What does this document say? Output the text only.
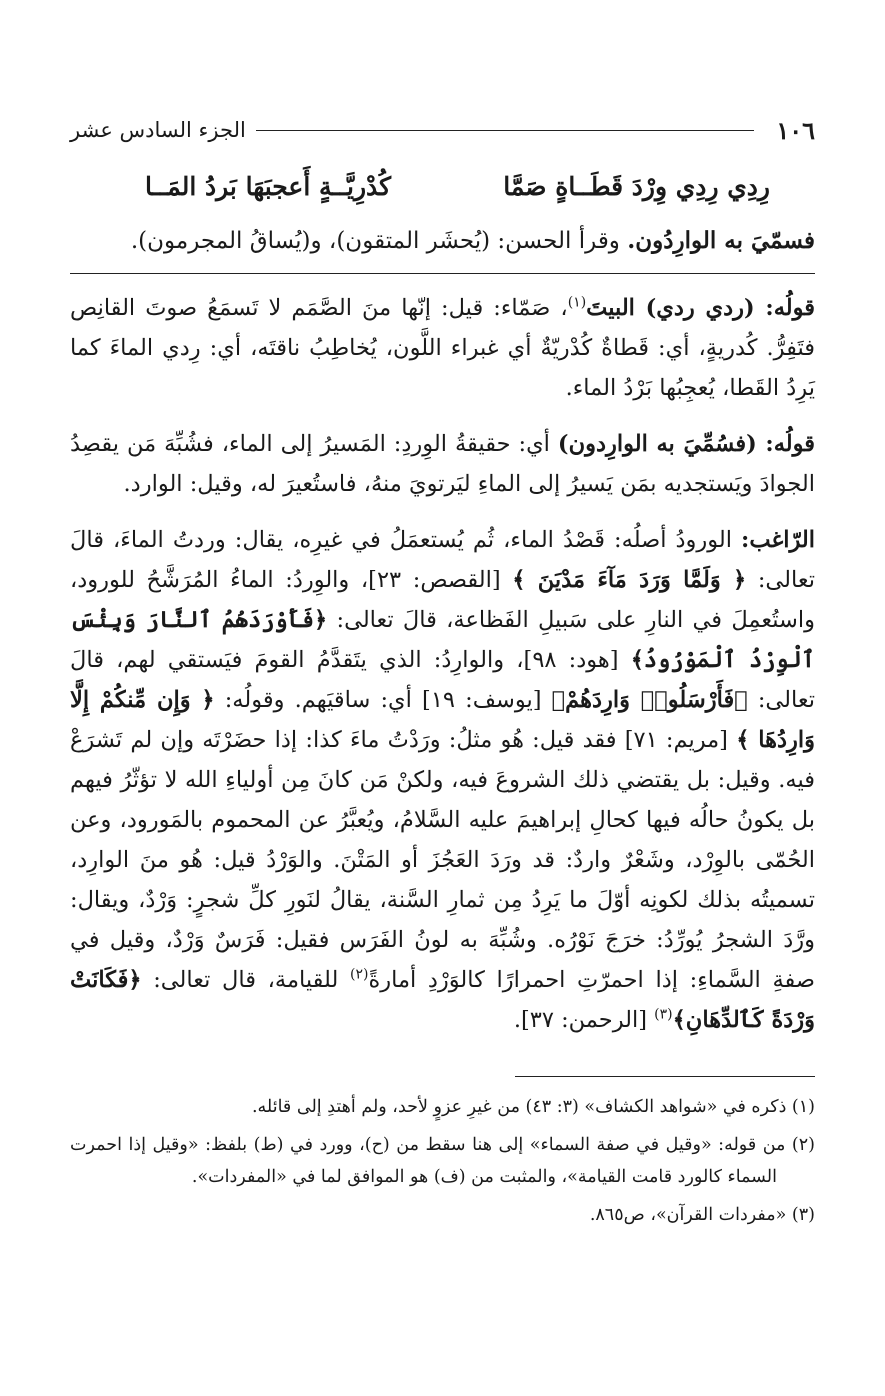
١٠٦
الجزء السادس عشر
رِدِي رِدِي وِرْدَ قَطَــاةٍ صَمَّا
كُدْرِيَّــةٍ أَعجبَهَا بَردُ المَــا
فسمّيَ به الوارِدُون. وقرأ الحسن: (يُحشَر المتقون)، و(يُساقُ المجرمون).

قولُه: (ردي ردي) البيتَ$^{(١)}$، صَمّاء: قيل: إنّها منَ الصَّمَم لا تَسمَعُ صوتَ القانِص فتَفِرُّ. كُدريةٍ، أي: قَطاةٌ كُدْريّةٌ أي غبراء اللَّون، يُخاطِبُ ناقتَه، أي: رِدي الماءَ كما يَرِدُ القَطا، يُعجِبُها بَرْدُ الماء.

قولُه: (فسُمِّيَ به الوارِدون) أي: حقيقةُ الوِردِ: المَسيرُ إلى الماء، فشُبِّهَ مَن يقصِدُ الجوادَ ويَستجديه بمَن يَسيرُ إلى الماءِ ليَرتويَ منهُ، فاستُعيرَ له، وقيل: الوارد.

الرّاغب: الورودُ أصلُه: قَصْدُ الماء، ثُم يُستعمَلُ في غيرِه، يقال: وردتُ الماءَ، قالَ تعالى: ﴿ وَلَمَّا وَرَدَ مَآءَ مَدْيَنَ ﴾ [القصص: ٢٣]، والوِردُ: الماءُ المُرَشَّحُ للورود، واستُعمِلَ في النارِ على سَبيلِ الفَظاعة، قالَ تعالى: ﴿فَأَوْرَدَهُمُ ٱلنَّارَ وَبِئْسَ ٱلْوِرْدُ ٱلْمَوْرُودُ﴾ [هود: ٩٨]، والوارِدُ: الذي يتَقدَّمُ القومَ فيَستقي لهم، قالَ تعالى: ﴿فَأَرْسَلُوا۟ وَارِدَهُمْ﴾ [يوسف: ١٩] أي: ساقيَهم. وقولُه: ﴿ وَإِن مِّنكُمْ إِلَّا وَارِدُهَا ﴾ [مريم: ٧١] فقد قيل: هُو مثلُ: ورَدْتُ ماءَ كذا: إذا حضَرْتَه وإن لم تَشرَعْ فيه. وقيل: بل يقتضي ذلك الشروعَ فيه، ولكنْ مَن كانَ مِن أولياءِ الله لا تؤثّرُ فيهم بل يكونُ حالُه فيها كحالِ إبراهيمَ عليه السَّلامُ، ويُعبَّرُ عن المحموم بالمَورود، وعن الحُمّى بالوِرْد، وشَعْرٌ واردٌ: قد ورَدَ العَجُزَ أو المَتْنَ. والوَرْدُ قيل: هُو منَ الوارِد، تسميتُه بذلك لكونِه أوّلَ ما يَرِدُ مِن ثمارِ السَّنة، يقالُ لنَورِ كلِّ شجرٍ: وَرْدٌ، ويقال: ورَّدَ الشجرُ يُورِّدُ: خرَجَ نَوْرُه. وشُبِّهَ به لونُ الفَرَس فقيل: فَرَسٌ وَرْدٌ، وقيل في صفةِ السَّماءِ: إذا احمرّتِ احمرارًا كالوَرْدِ أمارةً$^{(٢)}$ للقيامة، قال تعالى: ﴿فَكَانَتْ وَرْدَةً كَٱلدِّهَانِ﴾$^{(٣)}$ [الرحمن: ٣٧].

(١) ذكره في «شواهد الكشاف» (٣: ٤٣) من غيرِ عزوٍ لأحد، ولم أهتدِ إلى قائله.

(٢) من قوله: «وقيل في صفة السماء» إلى هنا سقط من (ح)، وورد في (ط) بلفظ: «وقيل إذا احمرت السماء كالورد قامت القيامة»، والمثبت من (ف) هو الموافق لما في «المفردات».

(٣) «مفردات القرآن»، ص٨٦٥.
